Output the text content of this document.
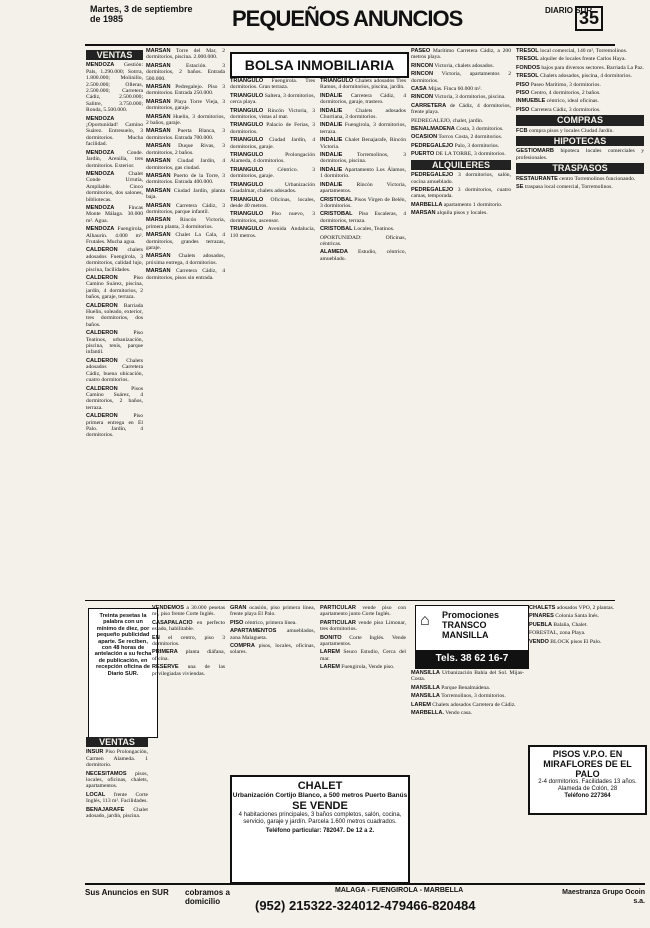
Martes, 3 de septiembre de 1985	PEQUEÑOS ANUNCIOS	DIARIO SUR
35
VENTAS

MENDOZA Gestión: Pals, 1.290.000; Sotrra, 1.800.000; Molinillo, 2.500.000; Olleras, 2.500.000; Carretera Cádiz, 2.500.000; Salitre, 3.750.000; Ronda, 5.500.000.

MENDOZA ¡Oportunidad! Camino Suárez. Entresuelo, 3 dormitorios. Mucha facilidad.

MENDOZA Conde. Jardín, Arenilla, tres dormitorios. Exterior.

MENDOZA Chalet Conde Urrutia, Ampliable. Cinco dormitorios, dos salones, bibliotecas.

MENDOZA Fincas Monte Málaga. 30.000 m². Agua.

MENDOZA Fuengirola, Alhaurín. 4.000 m². Frutales. Mucha agua.

CALDERON chalets adosados Fuengirola, 3 dormitorios, calidad lujo, piscina, facilidades.

CALDERON Piso Camino Suárez, piscina, jardín, 4 dormitorios, 2 baños, garaje, terraza.

CALDERON Barriada Huelin, soleado, exterior, tres dormitorios, dos baños.

CALDERON Piso Teatinos, urbanización, piscina, tenis, parque infantil.

CALDERON Chalets adosados Carretera Cádiz, buena ubicación, cuatro dormitorios.

CALDERON Pisos Camino Suárez, 4 dormitorios, 2 baños, terraza.

CALDERON Piso primera entrega en El Palo. Jardín, 4 dormitorios.

MARSAN Torre del Mar, 2 dormitorios, piscina. 2.000.000.

MARSAN Estación. 3 dormitorios, 2 baños. Entrada 500.000.

MARSAN Pedregalejo. Piso 3 dormitorios. Entrada 250.000.

MARSAN Playa Torre Vieja, 3 dormitorios, garaje.

MARSAN Huelin, 3 dormitorios, 2 baños, garaje.

MARSAN Puerta Blanca, 3 dormitorios. Entrada 700.000.

MARSAN Duque Rivas, 3 dormitorios, 2 baños.

MARSAN Ciudad Jardín, 4 dormitorios, gas ciudad.

MARSAN Puerto de la Torre, 3 dormitorios. Entrada 400.000.

MARSAN Ciudad Jardín, planta baja.

MARSAN Carretera Cádiz, 3 dormitorios, parque infantil.

MARSAN Rincón Victoria, primera planta, 3 dormitorios.

MARSAN Chalet La Cala, 4 dormitorios, grandes terrazas, garaje.

MARSAN Chalets adosados, próxima entrega, 4 dormitorios.

MARSAN Carretera Cádiz, 4 dormitorios, pisos sin entrada.

BOLSA INMOBILIARIA

TRIANGULO Fuengirola. Tres dormitorios. Gran terraza.

TRIANGULO Saltera, 3 dormitorios, cerca playa.

TRIANGULO Rincón Victoria, 3 dormitorios, vistas al mar.

TRIANGULO Palacio de Ferias, 3 dormitorios.

TRIANGULO Ciudad Jardín, 4 dormitorios, garaje.

TRIANGULO Prolongación Alameda, 4 dormitorios.

TRIANGULO Céntrico. 3 dormitorios, garaje.

TRIANGULO Urbanización Guadalmar, chalets adosados.

TRIANGULO Oficinas, locales, desde 40 metros.

TRIANGULO Piso nuevo, 3 dormitorios, ascensor.

TRIANGULO Avenida Andalucía, 110 metros.

TRIANGULO Chalets adosados Tres Ramos, 4 dormitorios, piscina, jardín.

INDALIE Carretera Cádiz, 4 dormitorios, garaje, trastero.

INDALIE Chalets adosados Churriana, 3 dormitorios.

INDALIE Fuengirola, 3 dormitorios, terraza.

INDALIE Chalet Benajarafe, Rincón Victoria.

INDALIE Torremolinos, 3 dormitorios, piscina.

INDALIE Apartamento Los Álamos, 1 dormitorio.

INDALIE Rincón Victoria, apartamentos.

CRISTOBAL Pisos Virgen de Belén, 3 dormitorios.

CRISTOBAL Piso Escaleras, 4 dormitorios, terraza.

CRISTOBAL Locales, Teatinos.

OPORTUNIDAD: Oficinas, céntricas.

ALAMEDA Estudio, céntrico, amueblado.

PASEO Marítimo Carretera Cádiz, a 200 metros playa.

RINCON Victoria, chalets adosados.

RINCON Victoria, apartamentos 2 dormitorios.

CASA Mijas. Finca 60.000 m².

RINCON Victoria, 3 dormitorios, piscina.

CARRETERA de Cádiz, 4 dormitorios, frente playa.

PEDREGALEJO, chalet, jardín.

BENALMADENA Costa, 3 dormitorios.

OCASION Torrox Costa, 2 dormitorios.

PEDREGALEJO Palo, 3 dormitorios.

PUERTO DE LA TORRE, 3 dormitorios.

ALQUILERES

PEDREGALEJO 3 dormitorios, salón, cocina amueblado.

PEDREGALEJO 3 dormitorios, cuatro camas, temporada.

MARBELLA apartamento 1 dormitorio.

MARSAN alquila pisos y locales.

TRESOL local comercial, 140 m², Torremolinos.

TRESOL alquiler de locales frente Carlos Haya.

FONDOS bajos para diversos sectores. Barriada La Paz.

TRESOL Chalets adosados, piscina, 4 dormitorios.

PISO Paseo Marítimo, 3 dormitorios.

PISO Centro, 4 dormitorios, 2 baños.

INMUEBLE céntrico, ideal oficinas.

PISO Carretera Cádiz, 3 dormitorios.

COMPRAS

FCB compra pisos y locales Ciudad Jardín.

HIPOTECAS

GESTIOMARB hipoteca locales comerciales y profesionales.

TRASPASOS

RESTAURANTE centro Torremolinos funcionando.

SE traspasa local comercial, Torremolinos.

Treinta pesetas la palabra con un mínimo de diez, por pequeño publicidad aparte. Se reciben, con 48 horas de antelación a su fecha de publicación, en recepción oficina de Diario SUR.
VENTAS

INSUR Piso Prolongación, Carmen Alameda. 1 dormitorio.

NECESITAMOS pisos, locales, oficinas, chalets, apartamentos.

LOCAL frente Corte Inglés, 113 m². Facilidades.

BENAJARAFE Chalet adosado, jardín, piscina.

VENDEMOS a 30.000 pesetas m², piso frente Corte Inglés.

CASAPALACIO en perfecto estado, habilitable.

EN el centro, piso 3 dormitorios.

PRIMERA planta diáfana, oficina.

RESERVE una de las privilegiadas viviendas.

GRAN ocasión, piso primera línea, frente playa El Palo.

PISO céntrico, primera línea.

APARTAMENTOS amueblados, zona Malagueta.

COMPRA pisos, locales, oficinas, solares.

PARTICULAR vende piso con apartamento junto Corte Inglés.

PARTICULAR vende piso Limonar, tres dormitorios.

BONITO Corte Inglés. Vende apartamentos.

LAREM Seuco Estudio, Cerca del mar.

LAREM Fuengirola, Vende piso.

CHALET
Urbanización Cortijo Blanco, a 500 metros Puerto Banús
SE VENDE
4 habitaciones principales, 3 baños completos, salón, cocina, servicio, garaje y jardín. Parcela 1.600 metros cuadrados.
Teléfono particular: 782047. De 12 a 2.
⌂ Promociones TRANSCO MANSILLA
Tels. 38 62 16-7

MANSILLA Urbanización Bahía del Sol. Mijas-Costa.

MANSILLA Parque Benalmádena.

MANSILLA Torremolinos, 3 dormitorios.

LAREM Chalets adosados Carretera de Cádiz.

MARBELLA. Vendo casa.

CHALETS adosados VPO, 2 plantas.

PINARES Colonia Santa Inés.

PUEBLA Balaña, Chalet.

FORESTAL, zona Playa.

VENDO BLOCK pisos El Palo.

PISOS V.P.O. EN MIRAFLORES DE EL PALO
2-4 dormitorios. Facilidades 13 años.
Alameda de Colón, 28
Teléfono 227364
Sus Anuncios en SUR	cobramos a domicilio
MALAGA - FUENGIROLA - MARBELLA
(952) 215322-324012-479466-820484
Maestranza Grupo Ocoin s.a.
